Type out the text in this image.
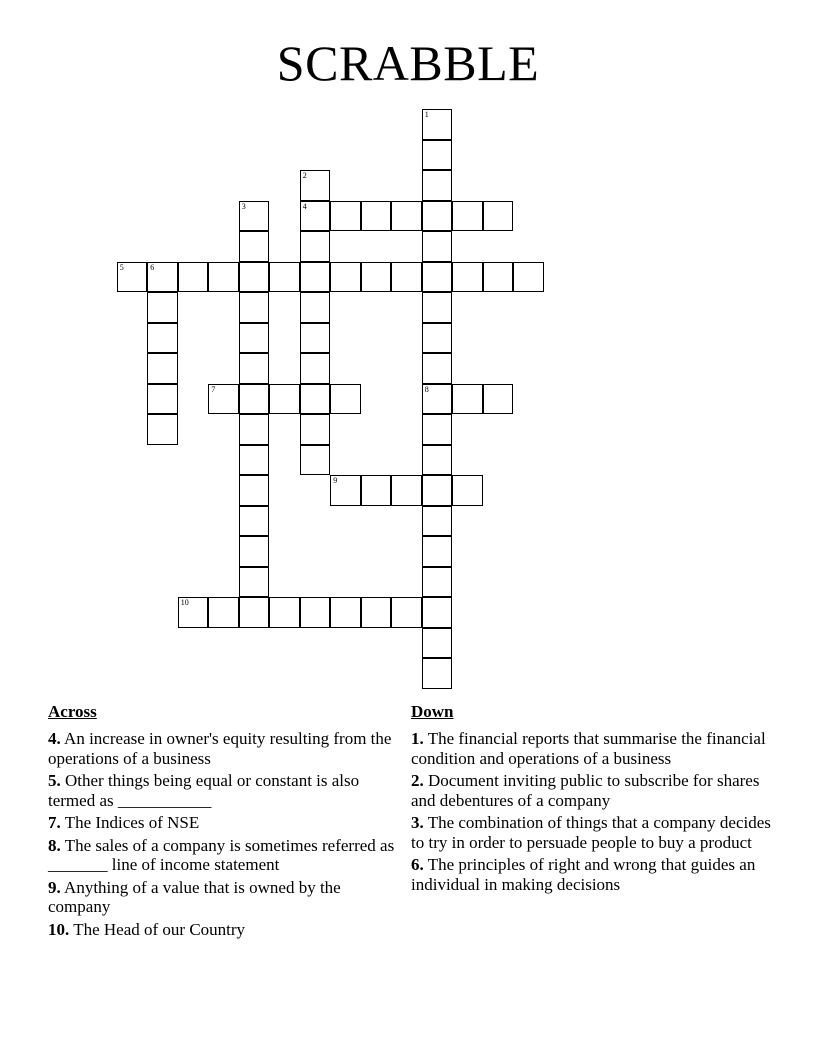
SCRABBLE
4
5	6
7	8
9
10
1
2
3
Across
4. An increase in owner's equity resulting from the operations of a business
5. Other things being equal or constant is also termed as ___________
7. The Indices of NSE
8. The sales of a company is sometimes referred as _______ line of income statement
9. Anything of a value that is owned by the company
10. The Head of our Country
Down
1. The financial reports that summarise the financial condition and operations of a business
2. Document inviting public to subscribe for shares and debentures of a company
3. The combination of things that a company decides to try in order to persuade people to buy a product
6. The principles of right and wrong that guides an individual in making decisions
